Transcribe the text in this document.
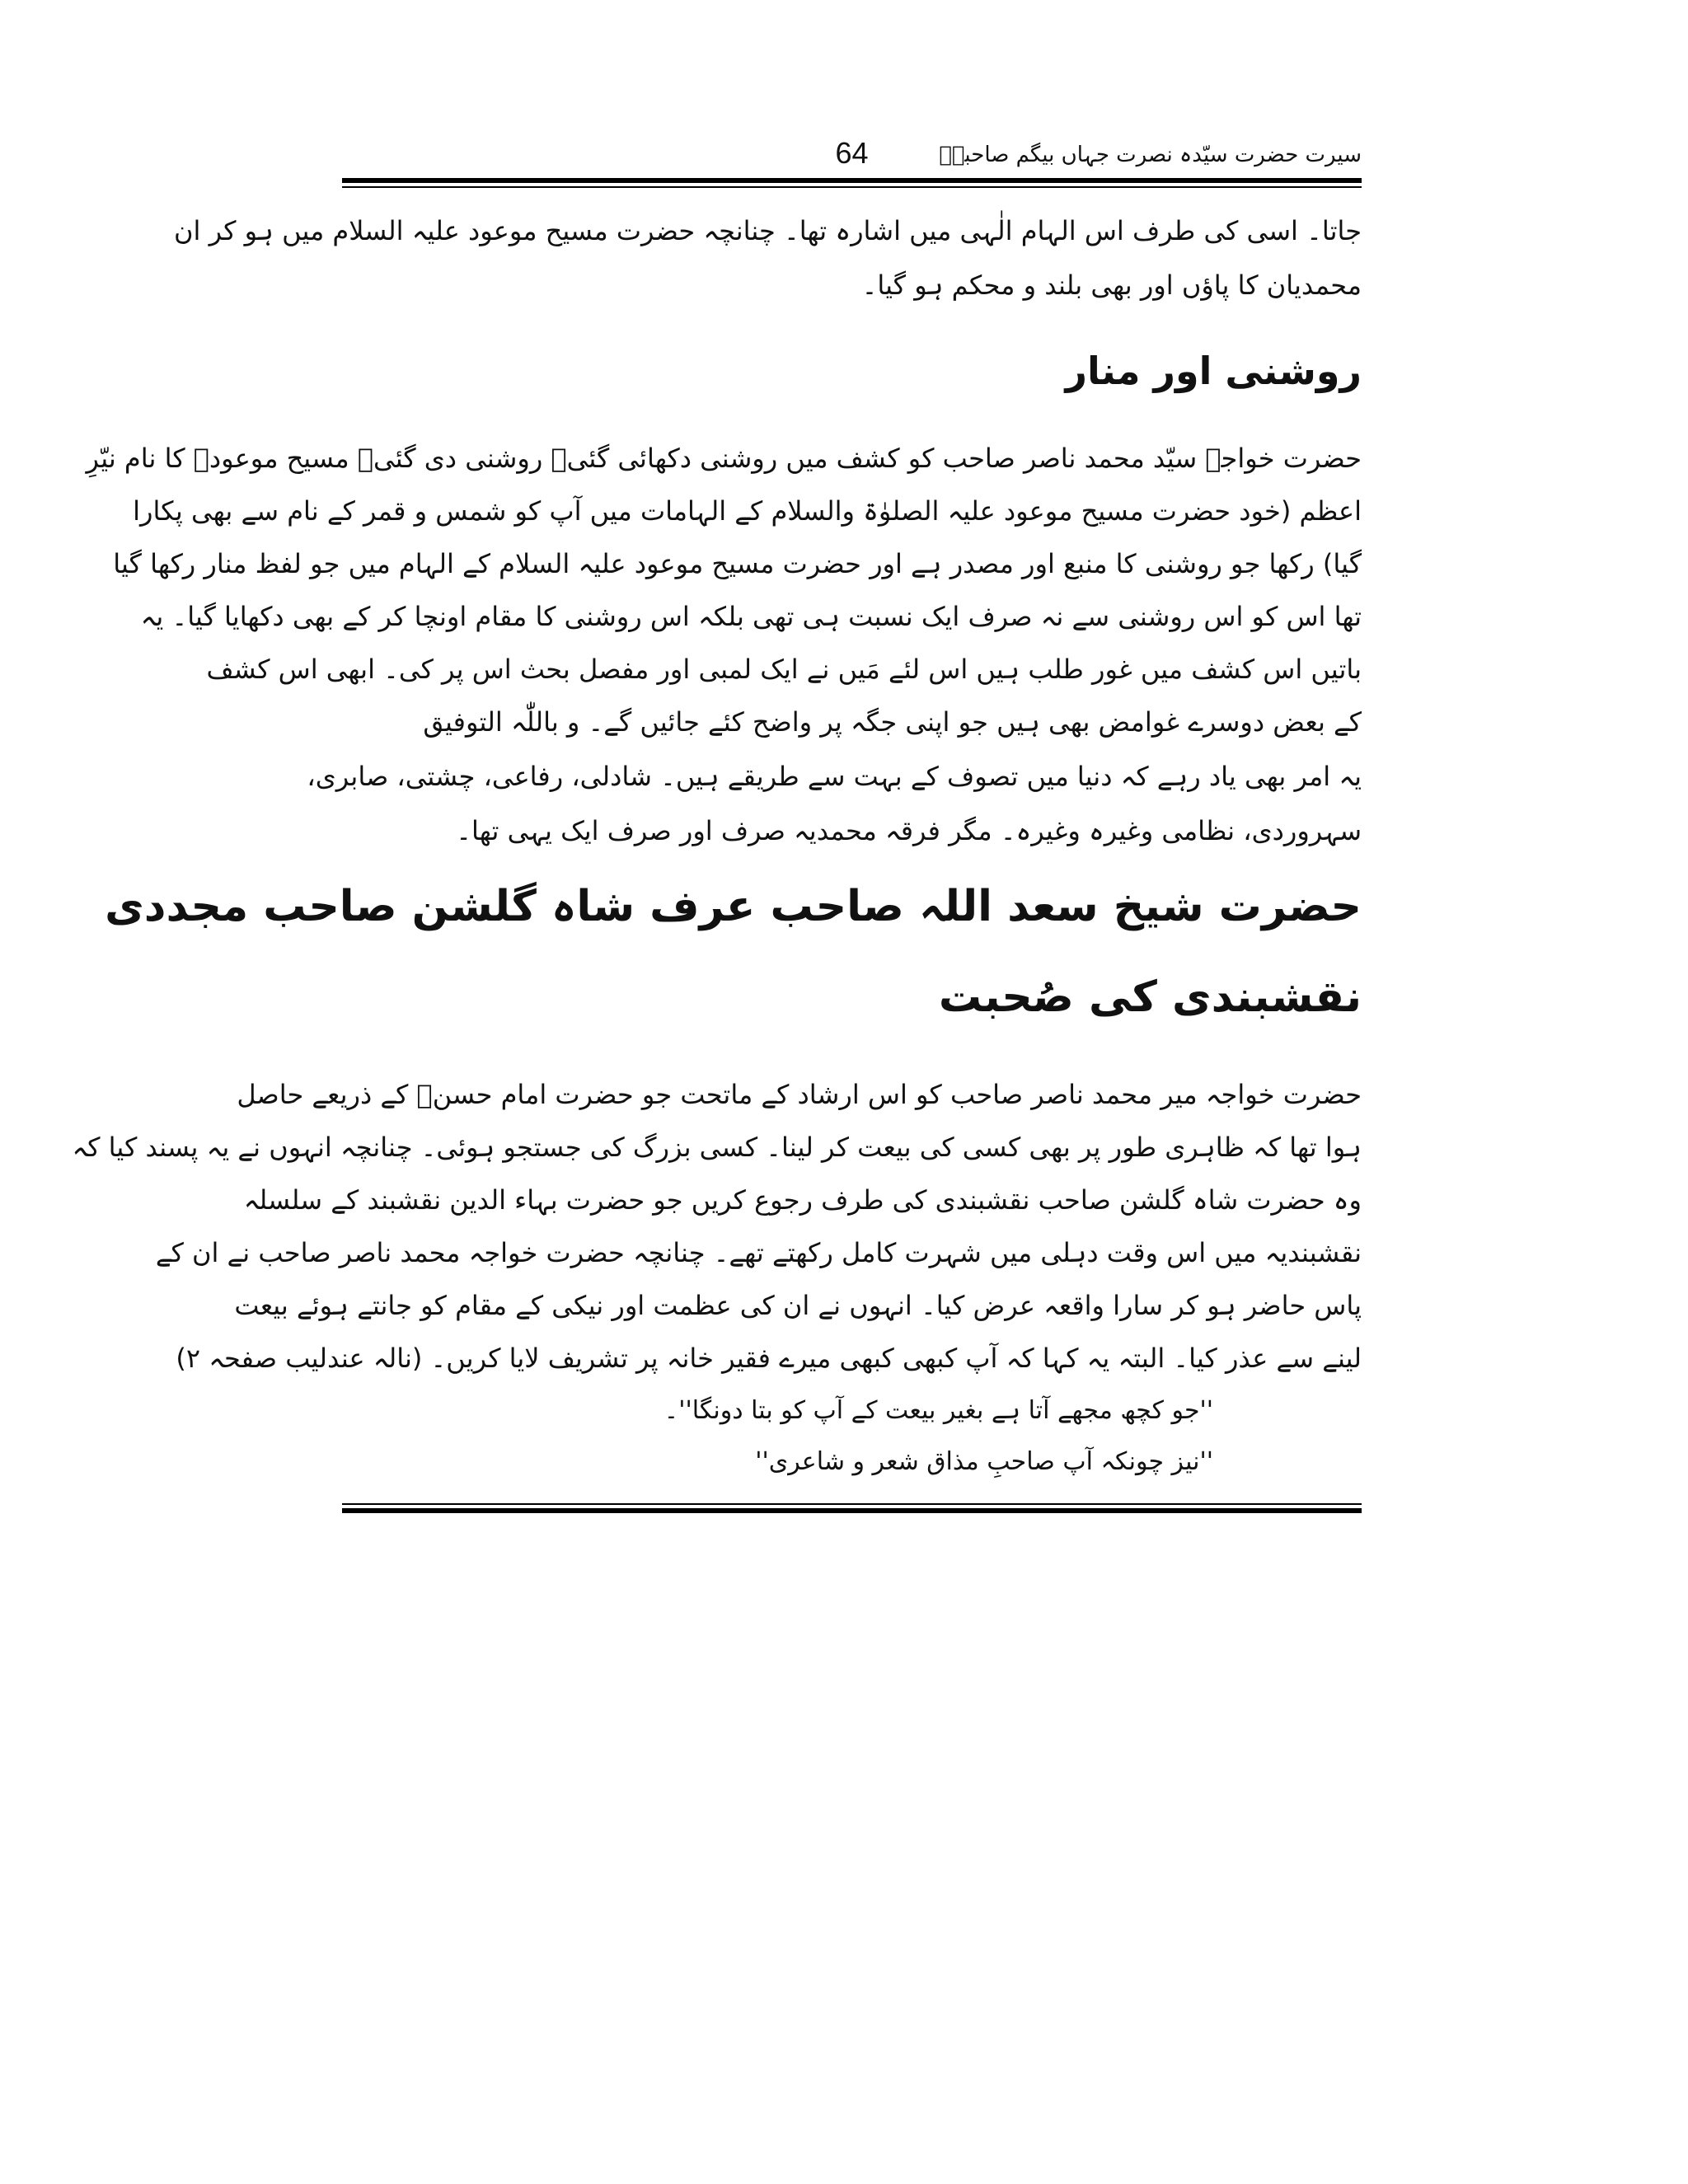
سیرت حضرت سیّدہ نصرت جہاں بیگم صاحبہؓ
64
جاتا۔ اسی کی طرف اس الہام الٰہی میں اشارہ تھا۔ چنانچہ حضرت مسیح موعود علیہ السلام میں ہو کر ان
محمدیان کا پاؤں اور بھی بلند و محکم ہو گیا۔
روشنی اور منار
حضرت خواجہ سیّد محمد ناصر صاحب کو کشف میں روشنی دکھائی گئی۔ روشنی دی گئی۔ مسیح موعودؑ کا نام نیّرِ
اعظم (خود حضرت مسیح موعود علیہ الصلوٰۃ والسلام کے الہامات میں آپ کو شمس و قمر کے نام سے بھی پکارا
گیا) رکھا جو روشنی کا منبع اور مصدر ہے اور حضرت مسیح موعود علیہ السلام کے الہام میں جو لفظ منار رکھا گیا
تھا اس کو اس روشنی سے نہ صرف ایک نسبت ہی تھی بلکہ اس روشنی کا مقام اونچا کر کے بھی دکھایا گیا۔ یہ
باتیں اس کشف میں غور طلب ہیں اس لئے مَیں نے ایک لمبی اور مفصل بحث اس پر کی۔ ابھی اس کشف
کے بعض دوسرے غوامض بھی ہیں جو اپنی جگہ پر واضح کئے جائیں گے۔ و باللّٰہ التوفیق
یہ امر بھی یاد رہے کہ دنیا میں تصوف کے بہت سے طریقے ہیں۔ شادلی، رفاعی، چشتی، صابری،
سہروردی، نظامی وغیرہ وغیرہ۔ مگر فرقہ محمدیہ صرف اور صرف ایک یہی تھا۔
حضرت شیخ سعد اللہ صاحب عرف شاہ گلشن صاحب مجددی
نقشبندی کی صُحبت
حضرت خواجہ میر محمد ناصر صاحب کو اس ارشاد کے ماتحت جو حضرت امام حسنؓ کے ذریعے حاصل
ہوا تھا کہ ظاہری طور پر بھی کسی کی بیعت کر لینا۔ کسی بزرگ کی جستجو ہوئی۔ چنانچہ انہوں نے یہ پسند کیا کہ
وہ حضرت شاہ گلشن صاحب نقشبندی کی طرف رجوع کریں جو حضرت بہاء الدین نقشبند کے سلسلہ
نقشبندیہ میں اس وقت دہلی میں شہرت کامل رکھتے تھے۔ چنانچہ حضرت خواجہ محمد ناصر صاحب نے ان کے
پاس حاضر ہو کر سارا واقعہ عرض کیا۔ انہوں نے ان کی عظمت اور نیکی کے مقام کو جانتے ہوئے بیعت
لینے سے عذر کیا۔ البتہ یہ کہا کہ آپ کبھی کبھی میرے فقیر خانہ پر تشریف لایا کریں۔ (نالہ عندلیب صفحہ ۲)
''جو کچھ مجھے آتا ہے بغیر بیعت کے آپ کو بتا دونگا''۔
''نیز چونکہ آپ صاحبِ مذاق شعر و شاعری''
